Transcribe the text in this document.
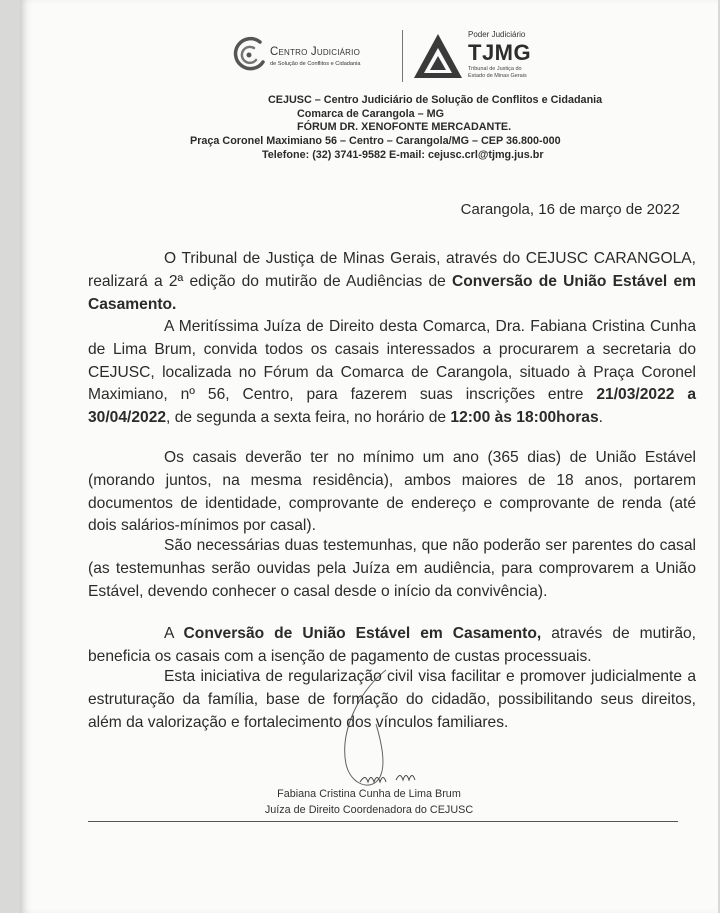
Centro Judiciário
de Solução de Conflitos e Cidadania
Poder Judiciário
TJMG
Tribunal de Justiça do
Estado de Minas Gerais
CEJUSC – Centro Judiciário de Solução de Conflitos e Cidadania
Comarca de Carangola – MG
FÓRUM DR. XENOFONTE MERCADANTE.
Praça Coronel Maximiano 56 – Centro – Carangola/MG – CEP 36.800-000
Telefone: (32) 3741-9582 E-mail: cejusc.crl@tjmg.jus.br
Carangola, 16 de março de 2022
O Tribunal de Justiça de Minas Gerais, através do CEJUSC CARANGOLA, realizará a 2ª edição do mutirão de Audiências de Conversão de União Estável em Casamento.
A Meritíssima Juíza de Direito desta Comarca, Dra. Fabiana Cristina Cunha de Lima Brum, convida todos os casais interessados a procurarem a secretaria do CEJUSC, localizada no Fórum da Comarca de Carangola, situado à Praça Coronel Maximiano, nº 56, Centro, para fazerem suas inscrições entre 21/03/2022 a 30/04/2022, de segunda a sexta feira, no horário de 12:00 às 18:00horas.
Os casais deverão ter no mínimo um ano (365 dias) de União Estável (morando juntos, na mesma residência), ambos maiores de 18 anos, portarem documentos de identidade, comprovante de endereço e comprovante de renda (até dois salários-mínimos por casal).
São necessárias duas testemunhas, que não poderão ser parentes do casal (as testemunhas serão ouvidas pela Juíza em audiência, para comprovarem a União Estável, devendo conhecer o casal desde o início da convivência).
A Conversão de União Estável em Casamento, através de mutirão, beneficia os casais com a isenção de pagamento de custas processuais.
Esta iniciativa de regularização civil visa facilitar e promover judicialmente a estruturação da família, base de formação do cidadão, possibilitando seus direitos, além da valorização e fortalecimento dos vínculos familiares.
Fabiana Cristina Cunha de Lima Brum
Juíza de Direito Coordenadora do CEJUSC
